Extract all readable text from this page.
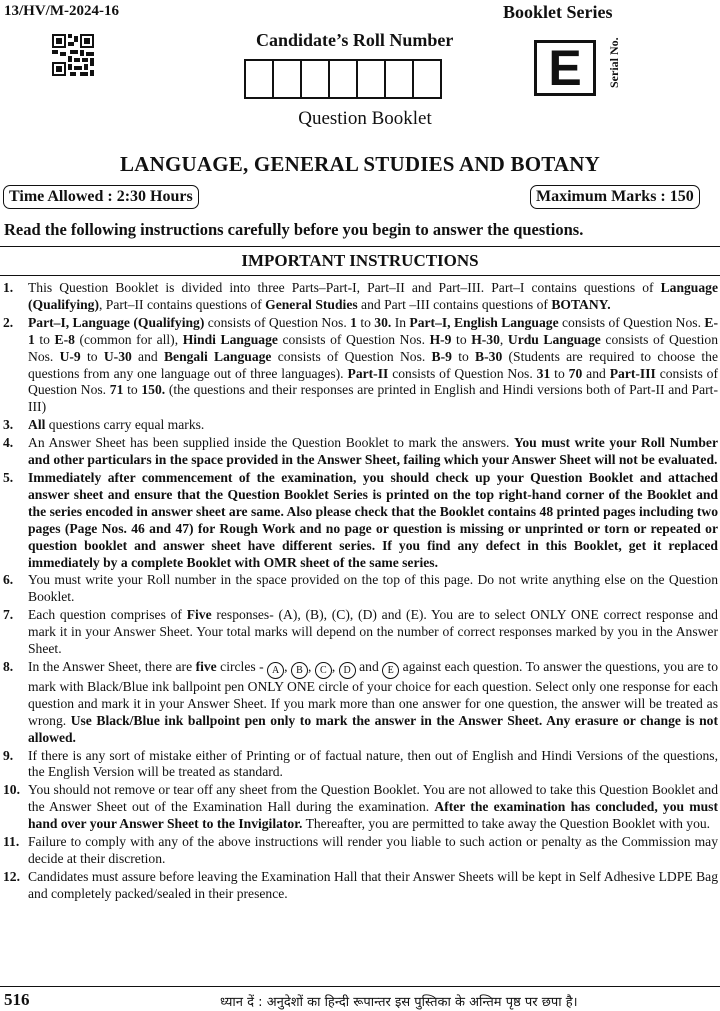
13/HV/M-2024-16	Booklet Series
E	Serial No.
Candidate’s Roll Number
Question Booklet
LANGUAGE, GENERAL STUDIES AND BOTANY
Time Allowed : 2:30 Hours	Maximum Marks : 150
Read the following instructions carefully before you begin to answer the questions.
IMPORTANT INSTRUCTIONS
1.	This Question Booklet is divided into three Parts–Part-I, Part–II and Part–III. Part–I contains questions of Language (Qualifying), Part–II contains questions of General Studies and Part –III contains questions of BOTANY.
2.	Part–I, Language (Qualifying) consists of Question Nos. 1 to 30. In Part–I, English Language consists of Question Nos. E-1 to E-8 (common for all), Hindi Language consists of Question Nos. H-9 to H-30, Urdu Language consists of Question Nos. U-9 to U-30 and Bengali Language consists of Question Nos. B-9 to B-30 (Students are required to choose the questions from any one language out of three languages). Part-II consists of Question Nos. 31 to 70 and Part-III consists of Question Nos. 71 to 150. (the questions and their responses are printed in English and Hindi versions both of Part-II and Part-III)
3.	All questions carry equal marks.
4.	An Answer Sheet has been supplied inside the Question Booklet to mark the answers. You must write your Roll Number and other particulars in the space provided in the Answer Sheet, failing which your Answer Sheet will not be evaluated.
5.	Immediately after commencement of the examination, you should check up your Question Booklet and attached answer sheet and ensure that the Question Booklet Series is printed on the top right-hand corner of the Booklet and the series encoded in answer sheet are same. Also please check that the Booklet contains 48 printed pages including two pages (Page Nos. 46 and 47) for Rough Work and no page or question is missing or unprinted or torn or repeated or question booklet and answer sheet have different series. If you find any defect in this Booklet, get it replaced immediately by a complete Booklet with OMR sheet of the same series.
6.	You must write your Roll number in the space provided on the top of this page. Do not write anything else on the Question Booklet.
7.	Each question comprises of Five responses- (A), (B), (C), (D) and (E). You are to select ONLY ONE correct response and mark it in your Answer Sheet. Your total marks will depend on the number of correct responses marked by you in the Answer Sheet.
8.	In the Answer Sheet, there are five circles - A , B , C , D and E against each question. To answer the questions, you are to mark with Black/Blue ink ballpoint pen ONLY ONE circle of your choice for each question. Select only one response for each question and mark it in your Answer Sheet. If you mark more than one answer for one question, the answer will be treated as wrong. Use Black/Blue ink ballpoint pen only to mark the answer in the Answer Sheet. Any erasure or change is not allowed.
9.	If there is any sort of mistake either of Printing or of factual nature, then out of English and Hindi Versions of the questions, the English Version will be treated as standard.
10. You should not remove or tear off any sheet from the Question Booklet. You are not allowed to take this Question Booklet and the Answer Sheet out of the Examination Hall during the examination. After the examination has concluded, you must hand over your Answer Sheet to the Invigilator. Thereafter, you are permitted to take away the Question Booklet with you.
11. Failure to comply with any of the above instructions will render you liable to such action or penalty as the Commission may decide at their discretion.
12. Candidates must assure before leaving the Examination Hall that their Answer Sheets will be kept in Self Adhesive LDPE Bag and completely packed/sealed in their presence.
516	ध्यान दें : अनुदेशों का हिन्दी रूपान्तर इस पुस्तिका के अन्तिम पृष्ठ पर छपा है।
